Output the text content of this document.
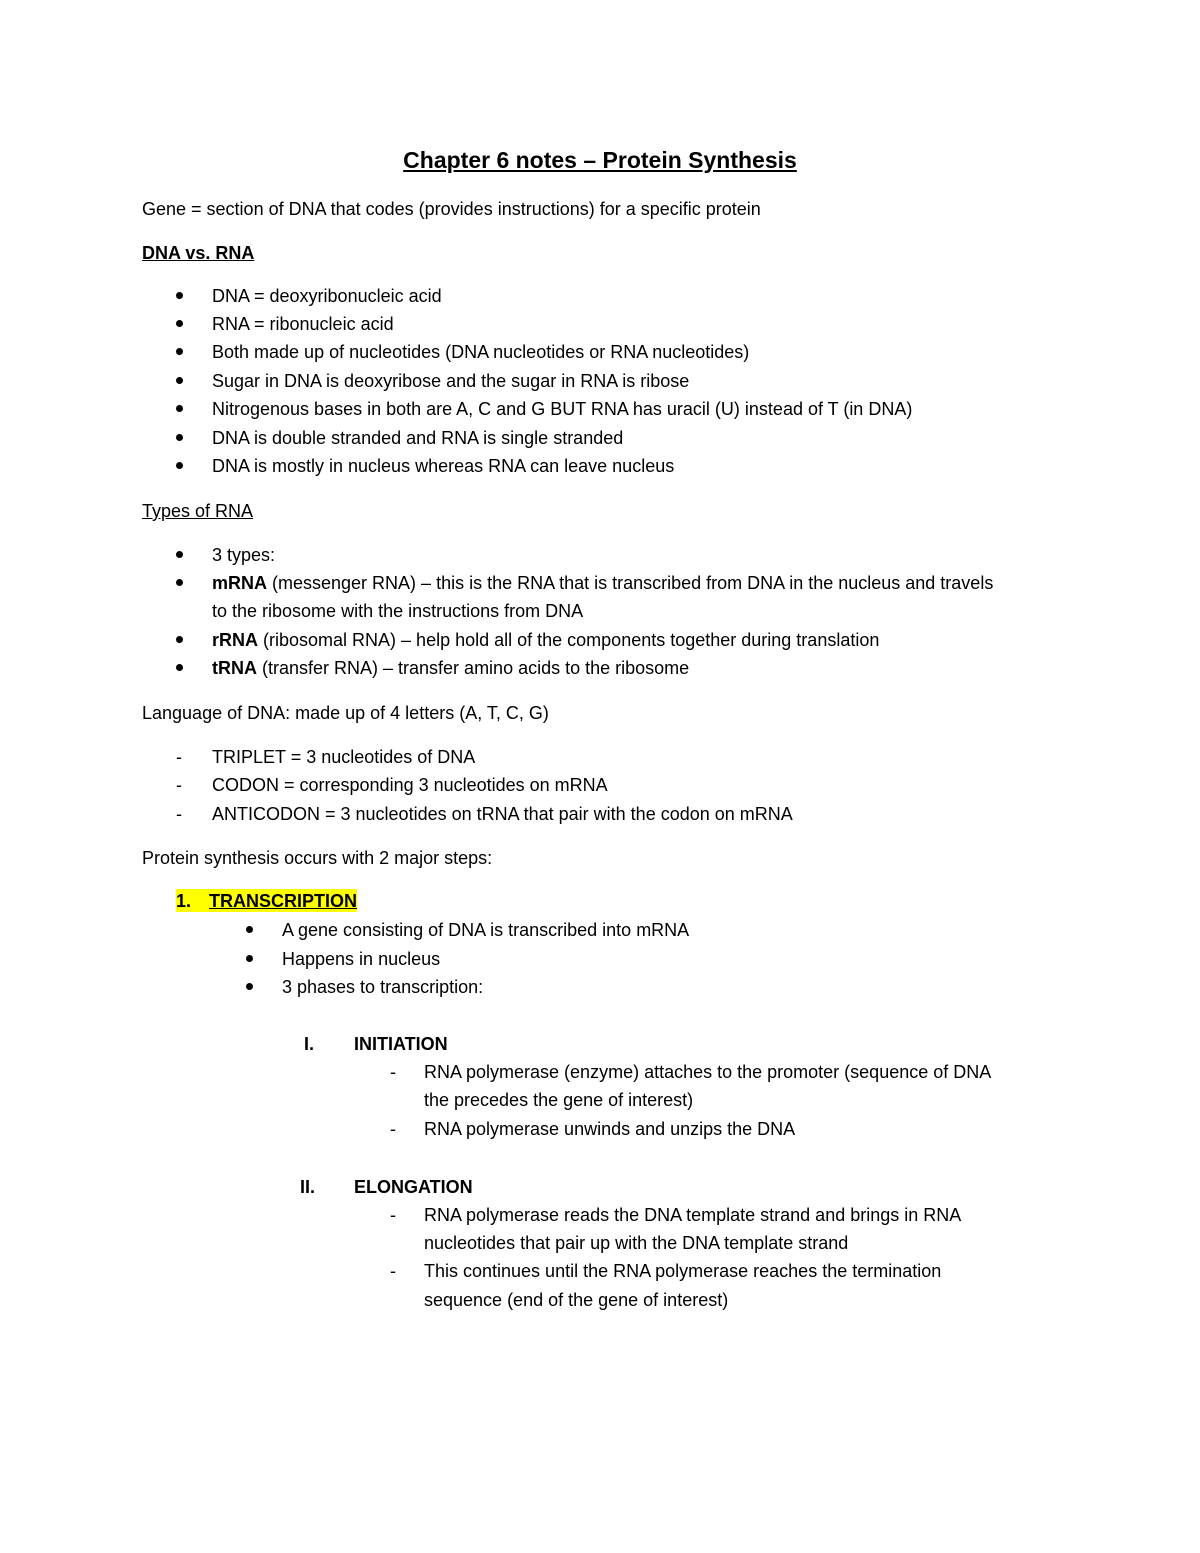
Chapter 6 notes – Protein Synthesis
Gene = section of DNA that codes (provides instructions) for a specific protein
DNA vs. RNA
DNA = deoxyribonucleic acid
RNA = ribonucleic acid
Both made up of nucleotides (DNA nucleotides or RNA nucleotides)
Sugar in DNA is deoxyribose and the sugar in RNA is ribose
Nitrogenous bases in both are A, C and G BUT RNA has uracil (U) instead of T (in DNA)
DNA is double stranded and RNA is single stranded
DNA is mostly in nucleus whereas RNA can leave nucleus
Types of RNA
3 types:
mRNA (messenger RNA) – this is the RNA that is transcribed from DNA in the nucleus and travels
to the ribosome with the instructions from DNA
rRNA (ribosomal RNA) – help hold all of the components together during translation
tRNA (transfer RNA) – transfer amino acids to the ribosome
Language of DNA: made up of 4 letters (A, T, C, G)
- TRIPLET = 3 nucleotides of DNA
- CODON = corresponding 3 nucleotides on mRNA
- ANTICODON = 3 nucleotides on tRNA that pair with the codon on mRNA
Protein synthesis occurs with 2 major steps:
1. TRANSCRIPTION
A gene consisting of DNA is transcribed into mRNA
Happens in nucleus
3 phases to transcription:
I. INITIATION
- RNA polymerase (enzyme) attaches to the promoter (sequence of DNA
the precedes the gene of interest)
- RNA polymerase unwinds and unzips the DNA
II. ELONGATION
- RNA polymerase reads the DNA template strand and brings in RNA
nucleotides that pair up with the DNA template strand
- This continues until the RNA polymerase reaches the termination
sequence (end of the gene of interest)
